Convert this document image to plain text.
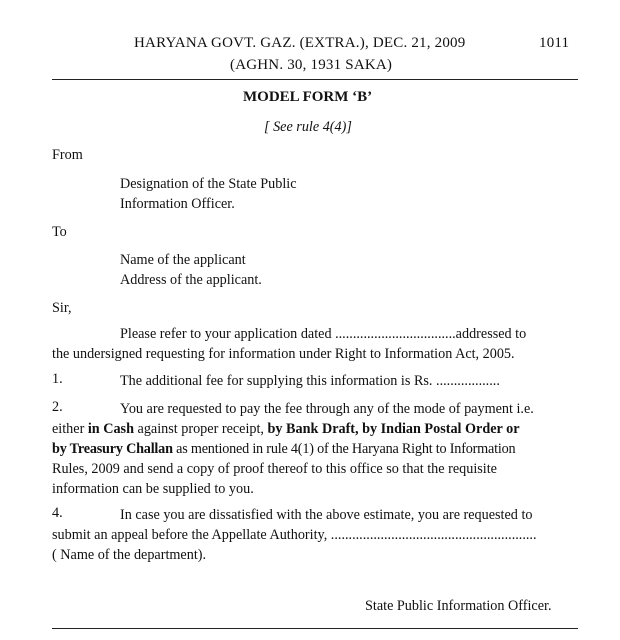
HARYANA GOVT. GAZ. (EXTRA.), DEC. 21, 2009	1011
(AGHN. 30, 1931 SAKA)
MODEL FORM ‘B’
[ See rule 4(4)]
From
Designation of the State Public
Information Officer.
To
Name of the applicant
Address of the applicant.
Sir,
Please refer to your application dated ..................................addressed to
the undersigned requesting for information under Right to Information Act, 2005.
1.	The additional fee for supplying this information is Rs. ..................
2.	You are requested to pay the fee through any of the mode of payment i.e.
either in Cash against proper receipt, by Bank Draft, by Indian Postal Order or
by Treasury Challan as mentioned in rule 4(1) of the Haryana Right to Information
Rules, 2009 and send a copy of proof thereof to this office so that the requisite
information can be supplied to you.
4.	In case you are dissatisfied with the above estimate, you are requested to
submit an appeal before the Appellate Authority, ..........................................................
( Name of the department).
State Public Information Officer.
